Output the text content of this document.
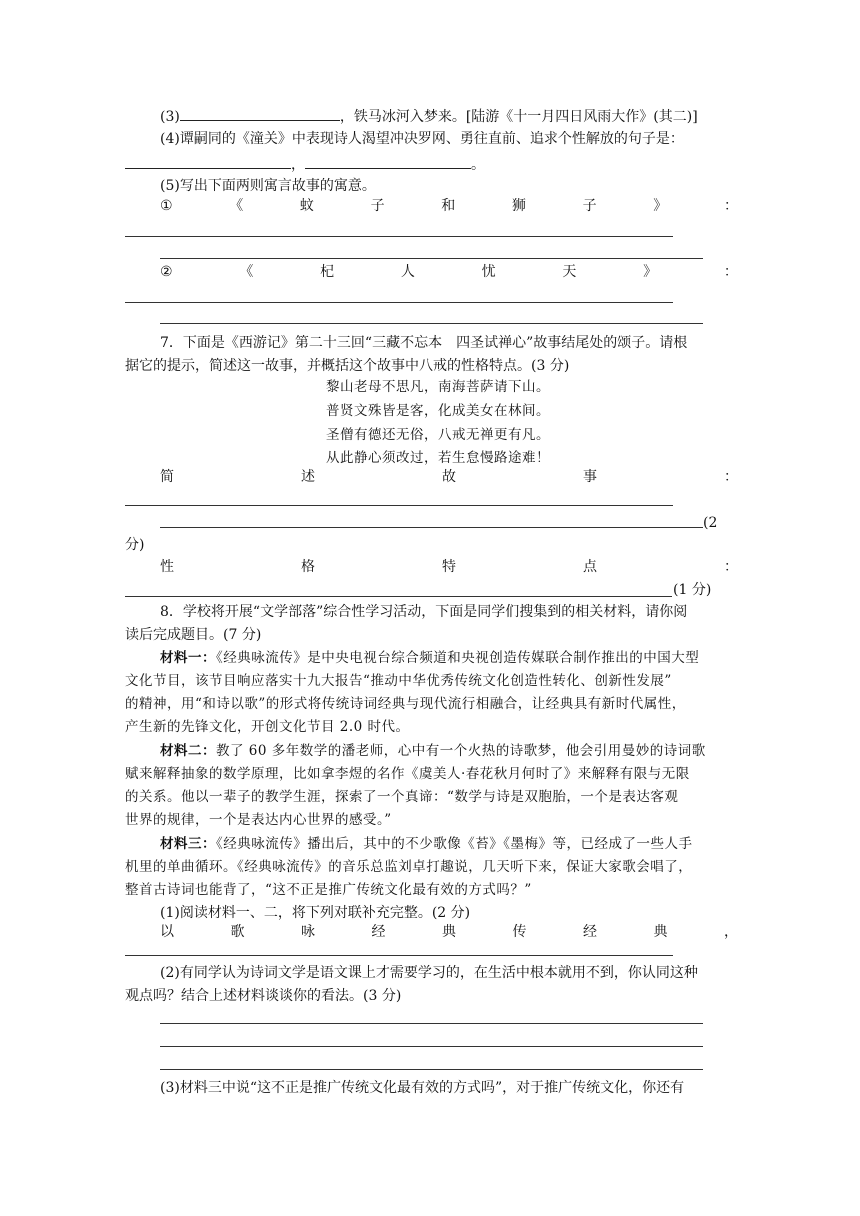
(3)	，铁马冰河入梦来。[陆游《十一月四日风雨大作》(其二)]
(4)谭嗣同的《潼关》中表现诗人渴望冲决罗网、勇往直前、追求个性解放的句子是：
，	。
(5)写出下面两则寓言故事的寓意。
①	《	蚊	子	和	狮	子	》	：
②	《	杞	人	忧	天	》	：
7．下面是《西游记》第二十三回“三藏不忘本　四圣试禅心”故事结尾处的颂子。请根
据它的提示，简述这一故事，并概括这个故事中八戒的性格特点。(3 分)
黎山老母不思凡，南海菩萨请下山。
普贤文殊皆是客，化成美女在林间。
圣僧有德还无俗，八戒无禅更有凡。
从此静心须改过，若生怠慢路途难！
简	述	故	事	：
(2
分)
性	格	特	点	：
(1 分)
8．学校将开展“文学部落”综合性学习活动，下面是同学们搜集到的相关材料，请你阅
读后完成题目。(7 分)
材料一：《经典咏流传》是中央电视台综合频道和央视创造传媒联合制作推出的中国大型
文化节目，该节目响应落实十九大报告“推动中华优秀传统文化创造性转化、创新性发展”
的精神，用“和诗以歌”的形式将传统诗词经典与现代流行相融合，让经典具有新时代属性，
产生新的先锋文化，开创文化节目 2.0 时代。
材料二：教了 60 多年数学的潘老师，心中有一个火热的诗歌梦，他会引用曼妙的诗词歌
赋来解释抽象的数学原理，比如拿李煜的名作《虞美人·春花秋月何时了》来解释有限与无限
的关系。他以一辈子的教学生涯，探索了一个真谛：“数学与诗是双胞胎，一个是表达客观
世界的规律，一个是表达内心世界的感受。”
材料三：《经典咏流传》播出后，其中的不少歌像《苔》《墨梅》等，已经成了一些人手
机里的单曲循环。《经典咏流传》的音乐总监刘卓打趣说，几天听下来，保证大家歌会唱了，
整首古诗词也能背了，“这不正是推广传统文化最有效的方式吗？”
(1)阅读材料一、二，将下列对联补充完整。(2 分)
以	歌	咏	经	典	传	经	典	，
(2)有同学认为诗词文学是语文课上才需要学习的，在生活中根本就用不到，你认同这种
观点吗？结合上述材料谈谈你的看法。(3 分)
(3)材料三中说“这不正是推广传统文化最有效的方式吗”，对于推广传统文化，你还有
